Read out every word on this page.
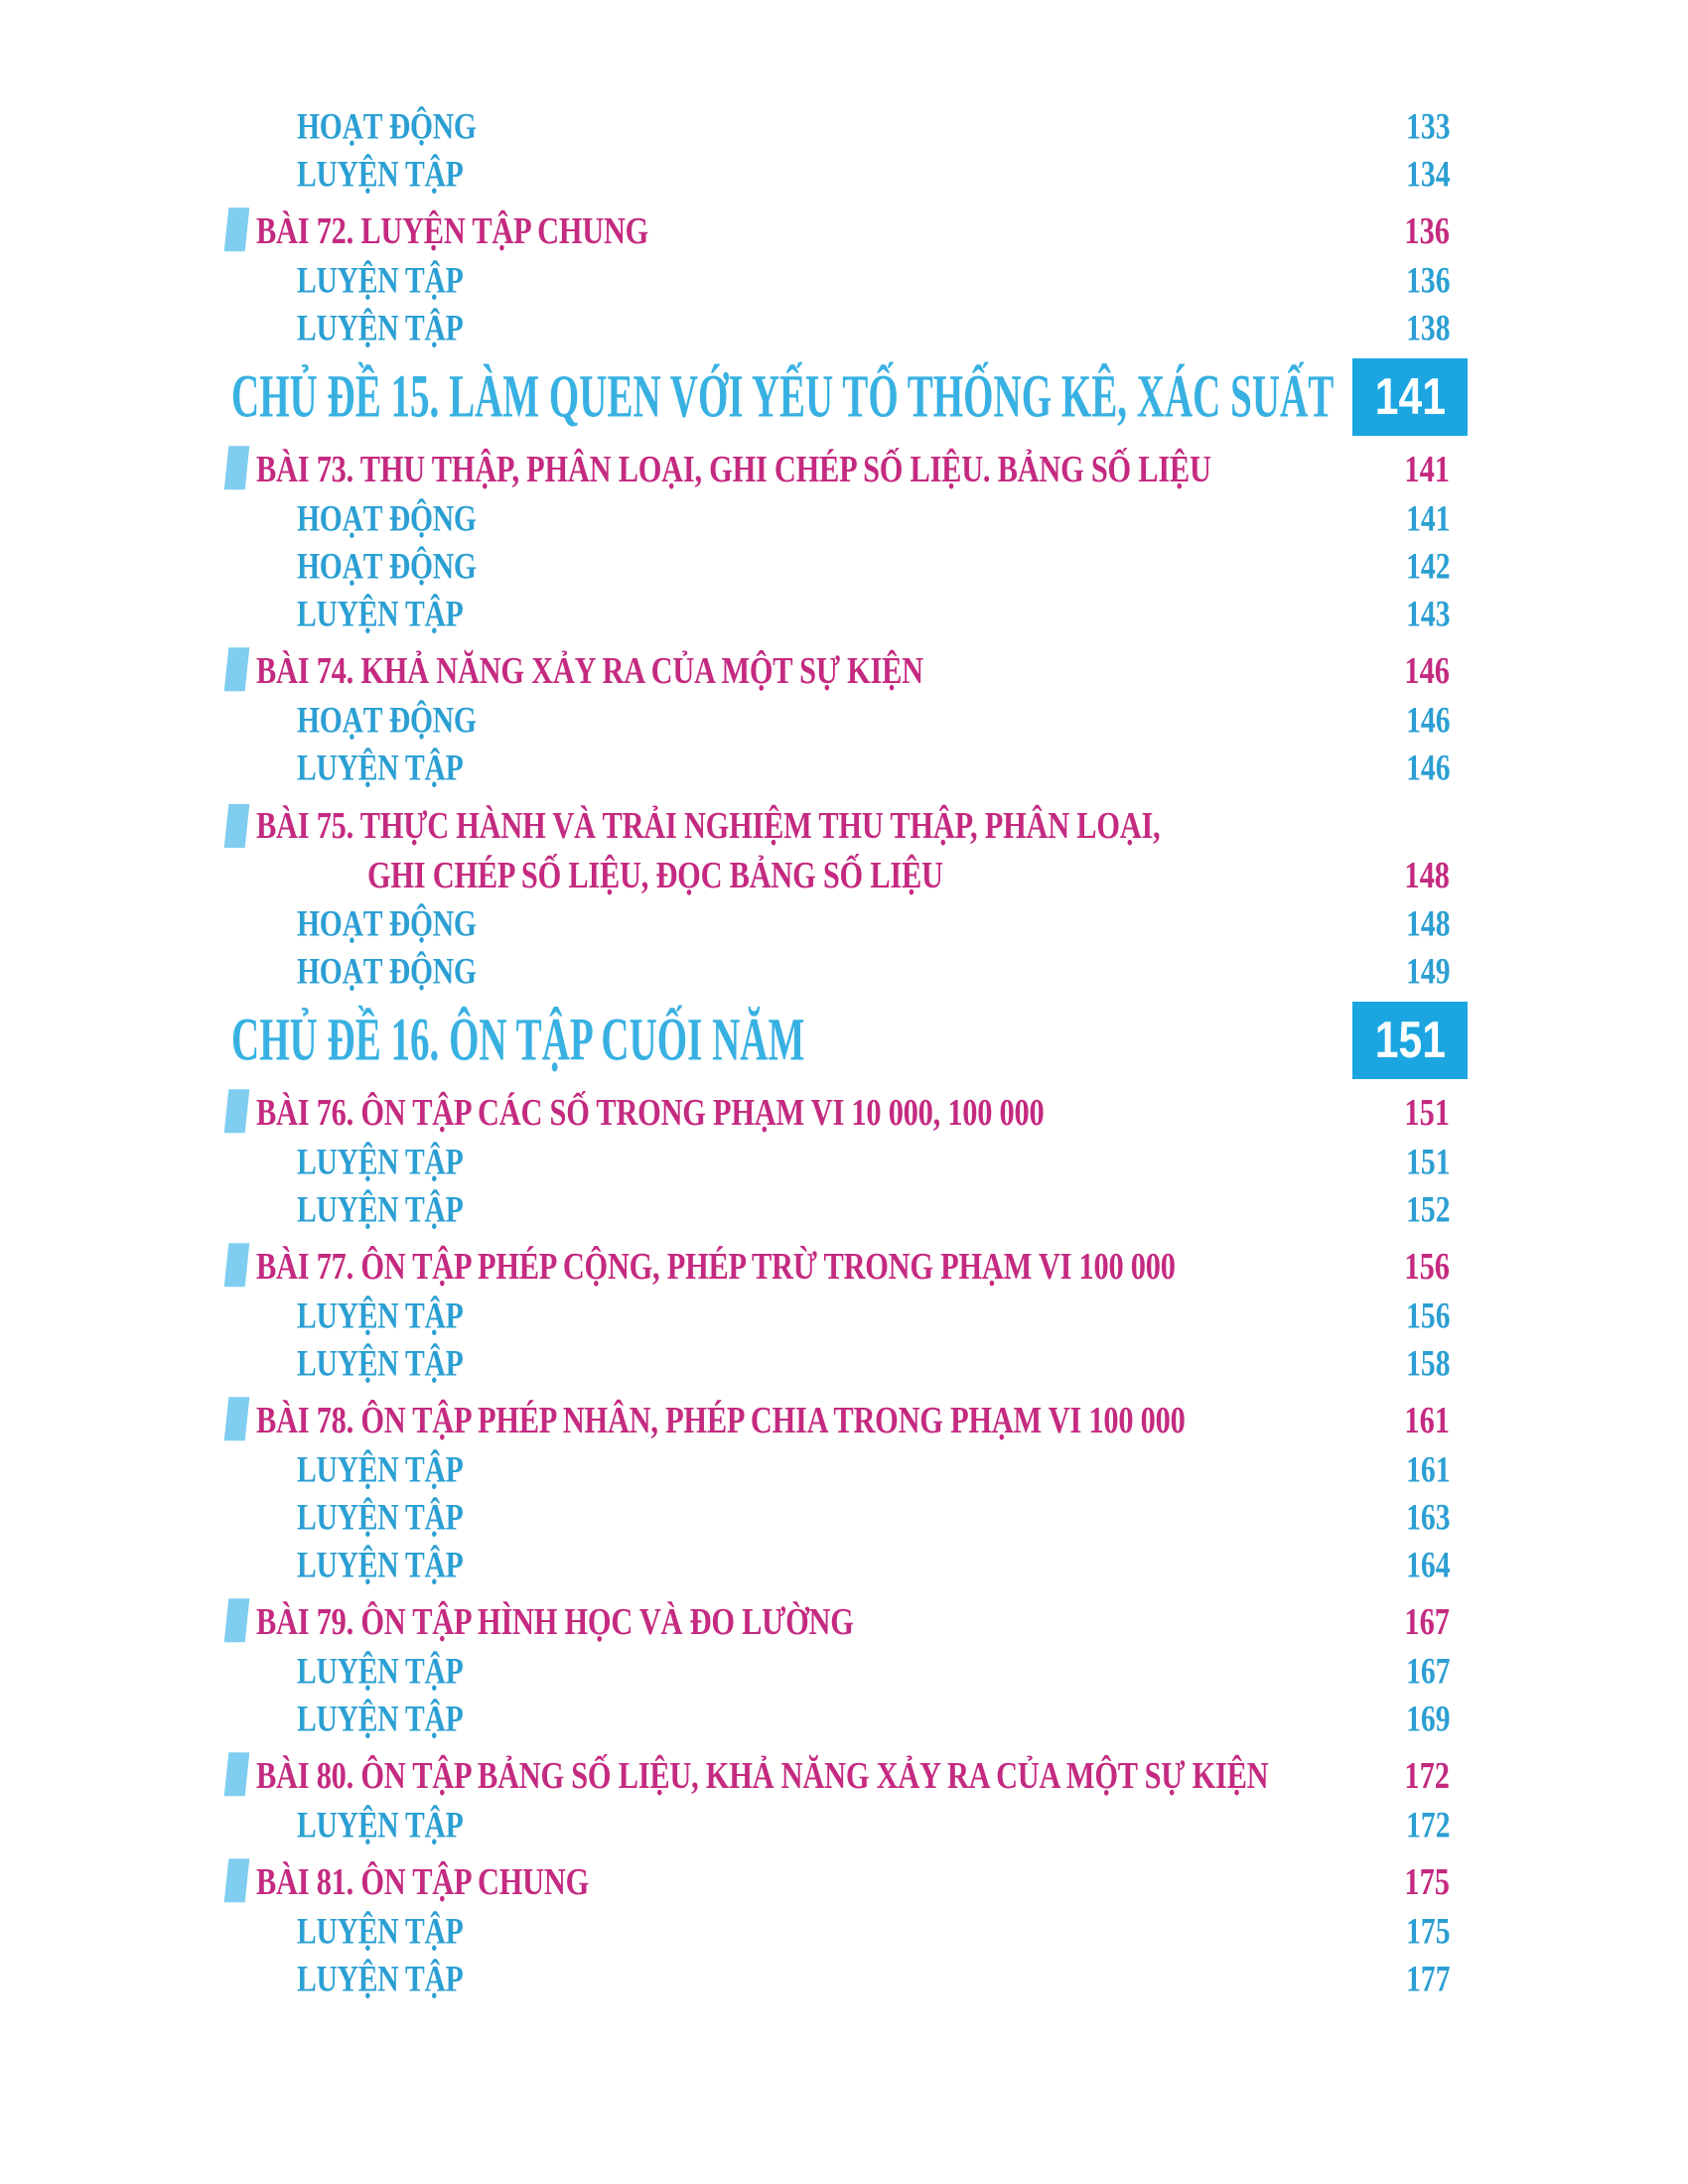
HOẠT ĐỘNG	133
LUYỆN TẬP	134
BÀI 72. LUYỆN TẬP CHUNG	136
LUYỆN TẬP	136
LUYỆN TẬP	138
CHỦ ĐỀ 15. LÀM QUEN VỚI YẾU TỐ THỐNG KÊ, XÁC SUẤT 141
BÀI 73. THU THẬP, PHÂN LOẠI, GHI CHÉP SỐ LIỆU. BẢNG SỐ LIỆU	141
HOẠT ĐỘNG	141
HOẠT ĐỘNG	142
LUYỆN TẬP	143
BÀI 74. KHẢ NĂNG XẢY RA CỦA MỘT SỰ KIỆN	146
HOẠT ĐỘNG	146
LUYỆN TẬP	146
BÀI 75. THỰC HÀNH VÀ TRẢI NGHIỆM THU THẬP, PHÂN LOẠI,
GHI CHÉP SỐ LIỆU, ĐỌC BẢNG SỐ LIỆU	148
HOẠT ĐỘNG	148
HOẠT ĐỘNG	149
CHỦ ĐỀ 16. ÔN TẬP CUỐI NĂM	151
BÀI 76. ÔN TẬP CÁC SỐ TRONG PHẠM VI 10 000, 100 000	151
LUYỆN TẬP	151
LUYỆN TẬP	152
BÀI 77. ÔN TẬP PHÉP CỘNG, PHÉP TRỪ TRONG PHẠM VI 100 000	156
LUYỆN TẬP	156
LUYỆN TẬP	158
BÀI 78. ÔN TẬP PHÉP NHÂN, PHÉP CHIA TRONG PHẠM VI 100 000	161
LUYỆN TẬP	161
LUYỆN TẬP	163
LUYỆN TẬP	164
BÀI 79. ÔN TẬP HÌNH HỌC VÀ ĐO LƯỜNG	167
LUYỆN TẬP	167
LUYỆN TẬP	169
BÀI 80. ÔN TẬP BẢNG SỐ LIỆU, KHẢ NĂNG XẢY RA CỦA MỘT SỰ KIỆN	172
LUYỆN TẬP	172
BÀI 81. ÔN TẬP CHUNG	175
LUYỆN TẬP	175
LUYỆN TẬP	177
